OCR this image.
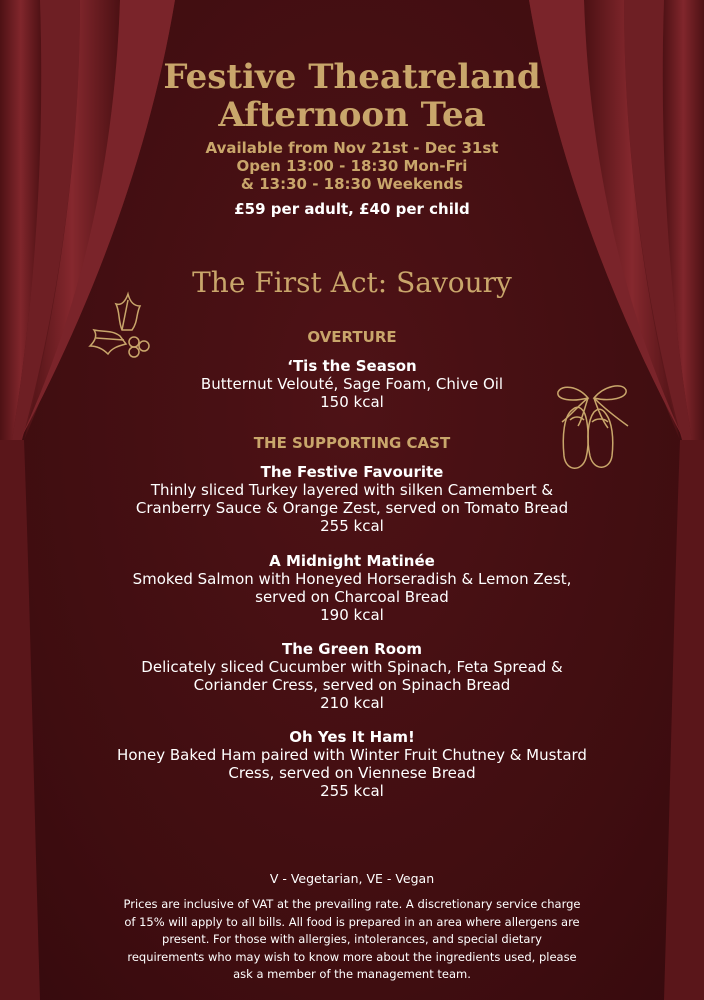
Festive Theatreland
Afternoon Tea
Available from Nov 21st - Dec 31st
Open 13:00 - 18:30 Mon-Fri
& 13:30 - 18:30 Weekends
£59 per adult, £40 per child
The First Act: Savoury
OVERTURE
‘Tis the Season
Butternut Velouté, Sage Foam, Chive Oil
150 kcal
THE SUPPORTING CAST
The Festive Favourite
Thinly sliced Turkey layered with silken Camembert &
Cranberry Sauce & Orange Zest, served on Tomato Bread
255 kcal
A Midnight Matinée
Smoked Salmon with Honeyed Horseradish & Lemon Zest,
served on Charcoal Bread
190 kcal
The Green Room
Delicately sliced Cucumber with Spinach, Feta Spread &
Coriander Cress, served on Spinach Bread
210 kcal
Oh Yes It Ham!
Honey Baked Ham paired with Winter Fruit Chutney & Mustard
Cress, served on Viennese Bread
255 kcal
V - Vegetarian, VE - Vegan
Prices are inclusive of VAT at the prevailing rate. A discretionary service charge
of 15% will apply to all bills. All food is prepared in an area where allergens are
present. For those with allergies, intolerances, and special dietary
requirements who may wish to know more about the ingredients used, please
ask a member of the management team.
